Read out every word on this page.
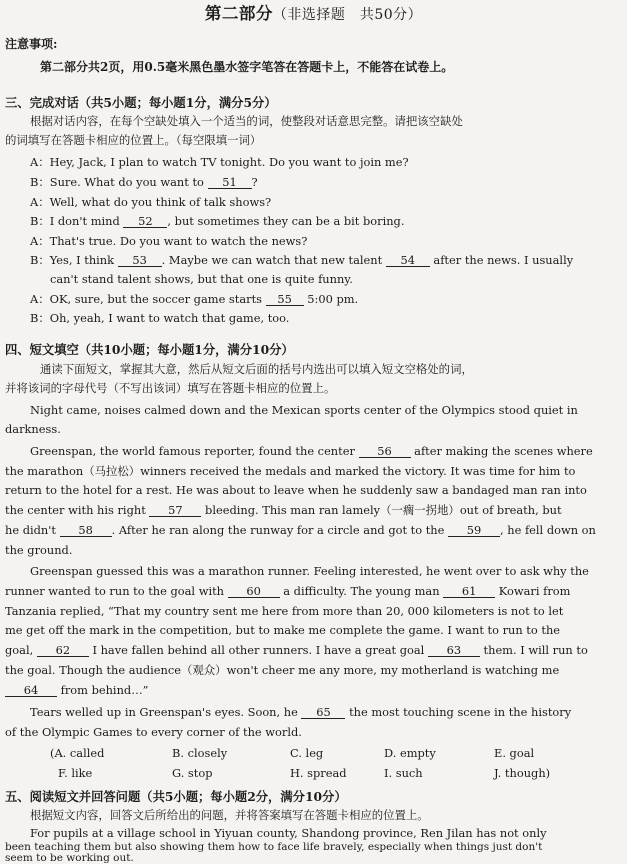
第二部分（非选择题　共50分）
注意事项:
第二部分共2页，用0.5毫米黑色墨水签字笔答在答题卡上，不能答在试卷上。
三、完成对话（共5小题；每小题1分，满分5分）
根据对话内容，在每个空缺处填入一个适当的词，使整段对话意思完整。请把该空缺处
的词填写在答题卡相应的位置上。（每空限填一词）
A：Hey, Jack, I plan to watch TV tonight. Do you want to join me?
B：Sure. What do you want to 51 ?
A：Well, what do you think of talk shows?
B：I don't mind 52 , but sometimes they can be a bit boring.
A：That's true. Do you want to watch the news?
B：Yes, I think 53 . Maybe we can watch that new talent 54 after the news. I usually
can't stand talent shows, but that one is quite funny.
A：OK, sure, but the soccer game starts 55 5:00 pm.
B：Oh, yeah, I want to watch that game, too.
四、短文填空（共10小题；每小题1分，满分10分）
通读下面短文，掌握其大意，然后从短文后面的括号内选出可以填入短文空格处的词，
并将该词的字母代号（不写出该词）填写在答题卡相应的位置上。
Night came, noises calmed down and the Mexican sports center of the Olympics stood quiet in
darkness.
Greenspan, the world famous reporter, found the center 56 after making the scenes where
the marathon（马拉松）winners received the medals and marked the victory. It was time for him to
return to the hotel for a rest. He was about to leave when he suddenly saw a bandaged man ran into
the center with his right 57 bleeding. This man ran lamely（一瘸一拐地）out of breath, but
he didn't 58 . After he ran along the runway for a circle and got to the 59 , he fell down on
the ground.
Greenspan guessed this was a marathon runner. Feeling interested, he went over to ask why the
runner wanted to run to the goal with 60 a difficulty. The young man 61 Kowari from
Tanzania replied, “That my country sent me here from more than 20, 000 kilometers is not to let
me get off the mark in the competition, but to make me complete the game. I want to run to the
goal, 62 I have fallen behind all other runners. I have a great goal 63 them. I will run to
the goal. Though the audience（观众）won't cheer me any more, my motherland is watching me
64 from behind…”
Tears welled up in Greenspan's eyes. Soon, he 65 the most touching scene in the history
of the Olympic Games to every corner of the world.
(A. called	B. closely	C. leg	D. empty	E. goal
F. like	G. stop	H. spread	I. such	J. though)
五、阅读短文并回答问题（共5小题；每小题2分，满分10分）
根据短文内容，回答文后所给出的问题，并将答案填写在答题卡相应的位置上。
For pupils at a village school in Yiyuan county, Shandong province, Ren Jilan has not only
been teaching them but also showing them how to face life bravely, especially when things just don't
seem to be working out.
